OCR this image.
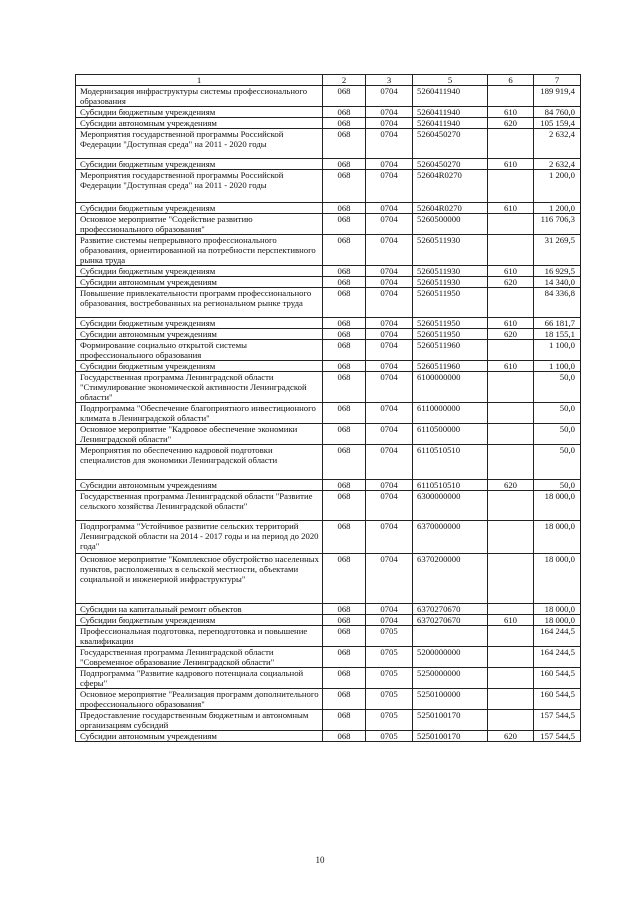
1	2	3	5	6	7
Модернизация инфраструктуры системы профессионального образования	068	0704	5260411940		189 919,4
Субсидии бюджетным учреждениям	068	0704	5260411940	610	84 760,0
Субсидии автономным учреждениям	068	0704	5260411940	620	105 159,4
Мероприятия государственной программы Российской Федерации "Доступная среда" на 2011 - 2020 годы	068	0704	5260450270		2 632,4
Субсидии бюджетным учреждениям	068	0704	5260450270	610	2 632,4
Мероприятия государственной программы Российской Федерации "Доступная среда" на 2011 - 2020 годы	068	0704	52604R0270		1 200,0
Субсидии бюджетным учреждениям	068	0704	52604R0270	610	1 200,0
Основное мероприятие "Содействие развитию профессионального образования"	068	0704	5260500000		116 706,3
Развитие системы непрерывного профессионального образования, ориентированной на потребности перспективного рынка труда	068	0704	5260511930		31 269,5
Субсидии бюджетным учреждениям	068	0704	5260511930	610	16 929,5
Субсидии автономным учреждениям	068	0704	5260511930	620	14 340,0
Повышение привлекательности программ профессионального образования, востребованных на региональном рынке труда	068	0704	5260511950		84 336,8
Субсидии бюджетным учреждениям	068	0704	5260511950	610	66 181,7
Субсидии автономным учреждениям	068	0704	5260511950	620	18 155,1
Формирование социально открытой системы профессионального образования	068	0704	5260511960		1 100,0
Субсидии бюджетным учреждениям	068	0704	5260511960	610	1 100,0
Государственная программа Ленинградской области "Стимулирование экономической активности Ленинградской области"	068	0704	6100000000		50,0
Подпрограмма "Обеспечение благоприятного инвестиционного климата в Ленинградской области"	068	0704	6110000000		50,0
Основное мероприятие "Кадровое обеспечение экономики Ленинградской области"	068	0704	6110500000		50,0
Мероприятия по обеспечению кадровой подготовки специалистов для экономики Ленинградской области	068	0704	6110510510		50,0
Субсидии автономным учреждениям	068	0704	6110510510	620	50,0
Государственная программа Ленинградской области "Развитие сельского хозяйства Ленинградской области"	068	0704	6300000000		18 000,0
Подпрограмма "Устойчивое развитие сельских территорий Ленинградской области на 2014 - 2017 годы и на период до 2020 года"	068	0704	6370000000		18 000,0
Основное мероприятие "Комплексное обустройство населенных пунктов, расположенных в сельской местности, объектами социальной и инженерной инфраструктуры"	068	0704	6370200000		18 000,0
Субсидии на капитальный ремонт объектов	068	0704	6370270670		18 000,0
Субсидии бюджетным учреждениям	068	0704	6370270670	610	18 000,0
Профессиональная подготовка, переподготовка и повышение квалификации	068	0705			164 244,5
Государственная программа Ленинградской области "Современное образование Ленинградской области"	068	0705	5200000000		164 244,5
Подпрограмма "Развитие кадрового потенциала социальной сферы"	068	0705	5250000000		160 544,5
Основное мероприятие "Реализация программ дополнительного профессионального образования"	068	0705	5250100000		160 544,5
Предоставление государственным бюджетным и автономным организациям субсидий	068	0705	5250100170		157 544,5
Субсидии автономным учреждениям	068	0705	5250100170	620	157 544,5
10
